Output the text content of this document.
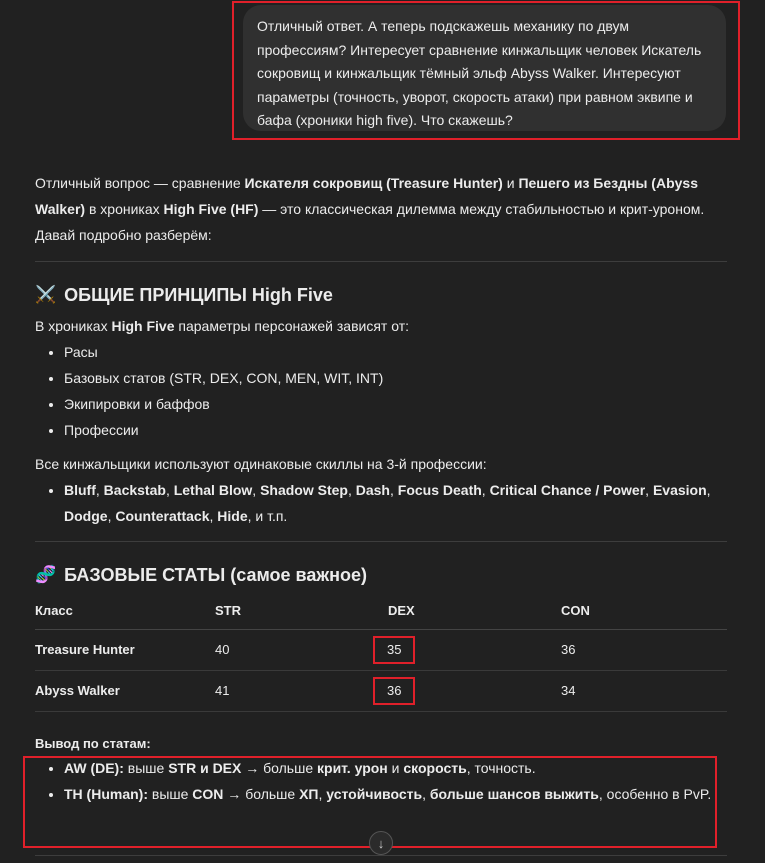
Отличный ответ. А теперь подскажешь механику по двум профессиям? Интересует сравнение кинжальщик человек Искатель сокровищ и кинжальщик тёмный эльф Abyss Walker. Интересуют параметры (точность, уворот, скорость атаки) при равном эквипе и бафа (хроники high five). Что скажешь?

Отличный вопрос — сравнение Искателя сокровищ (Treasure Hunter) и Пешего из Бездны (Abyss Walker) в хрониках High Five (HF) — это классическая дилемма между стабильностью и крит-уроном. Давай подробно разберём:

⚔️ ОБЩИЕ ПРИНЦИПЫ High Five

В хрониках High Five параметры персонажей зависят от:

• Расы
• Базовых статов (STR, DEX, CON, MEN, WIT, INT)
• Экипировки и баффов
• Профессии

Все кинжальщики используют одинаковые скиллы на 3-й профессии:

• Bluff, Backstab, Lethal Blow, Shadow Step, Dash, Focus Death, Critical Chance / Power, Evasion, Dodge, Counterattack, Hide, и т.п.
🧬 БАЗОВЫЕ СТАТЫ (самое важное)
Класс	STR	DEX	CON
Treasure Hunter	40	35	36
Abyss Walker	41	36	34

Вывод по статам:

• AW (DE): выше STR и DEX → больше крит. урон и скорость, точность.
• TH (Human): выше CON → больше ХП, устойчивость, больше шансов выжить, особенно в PvP.
↓
